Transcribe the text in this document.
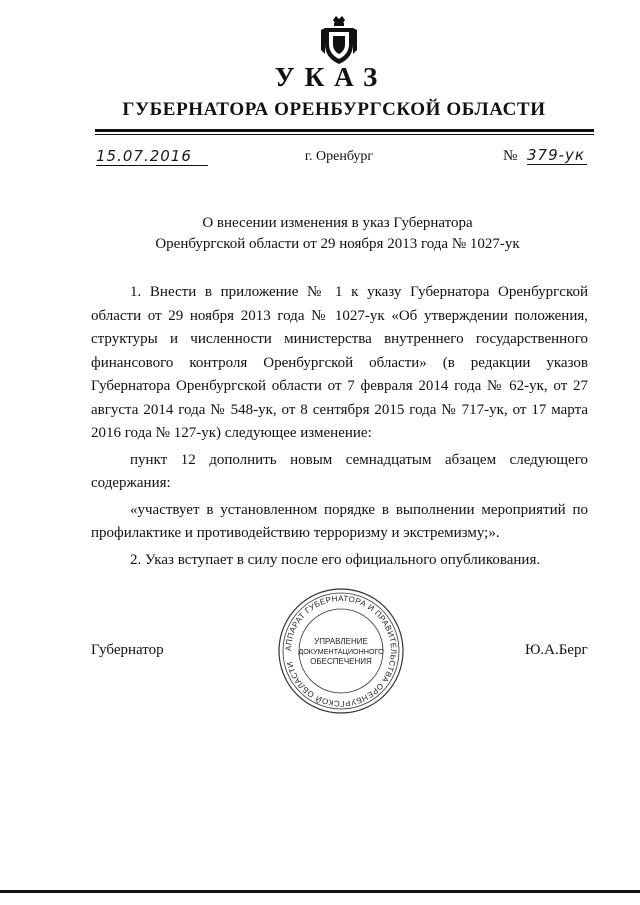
УКАЗ
ГУБЕРНАТОРА ОРЕНБУРГСКОЙ ОБЛАСТИ
15.07.2016	г. Оренбург	№ 379-ук
О внесении изменения в указ Губернатора
Оренбургской области от 29 ноября 2013 года № 1027-ук

1. Внести в приложение № 1 к указу Губернатора Оренбургской области от 29 ноября 2013 года № 1027-ук «Об утверждении положения, структуры и численности министерства внутреннего государственного финансового контроля Оренбургской области» (в редакции указов Губернатора Оренбургской области от 7 февраля 2014 года № 62-ук, от 27 августа 2014 года № 548-ук, от 8 сентября 2015 года № 717-ук, от 17 марта 2016 года № 127-ук) следующее изменение:

пункт 12 дополнить новым семнадцатым абзацем следующего содержания:

«участвует в установленном порядке в выполнении мероприятий по профилактике и противодействию терроризму и экстремизму;».

2. Указ вступает в силу после его официального опубликования.

Губернатор	Ю.А.Берг
АППАРАТ ГУБЕРНАТОРА И ПРАВИТЕЛЬСТВА ОРЕНБУРГСКОЙ ОБЛАСТИ
УПРАВЛЕНИЕ
ДОКУМЕНТАЦИОННОГО
ОБЕСПЕЧЕНИЯ
